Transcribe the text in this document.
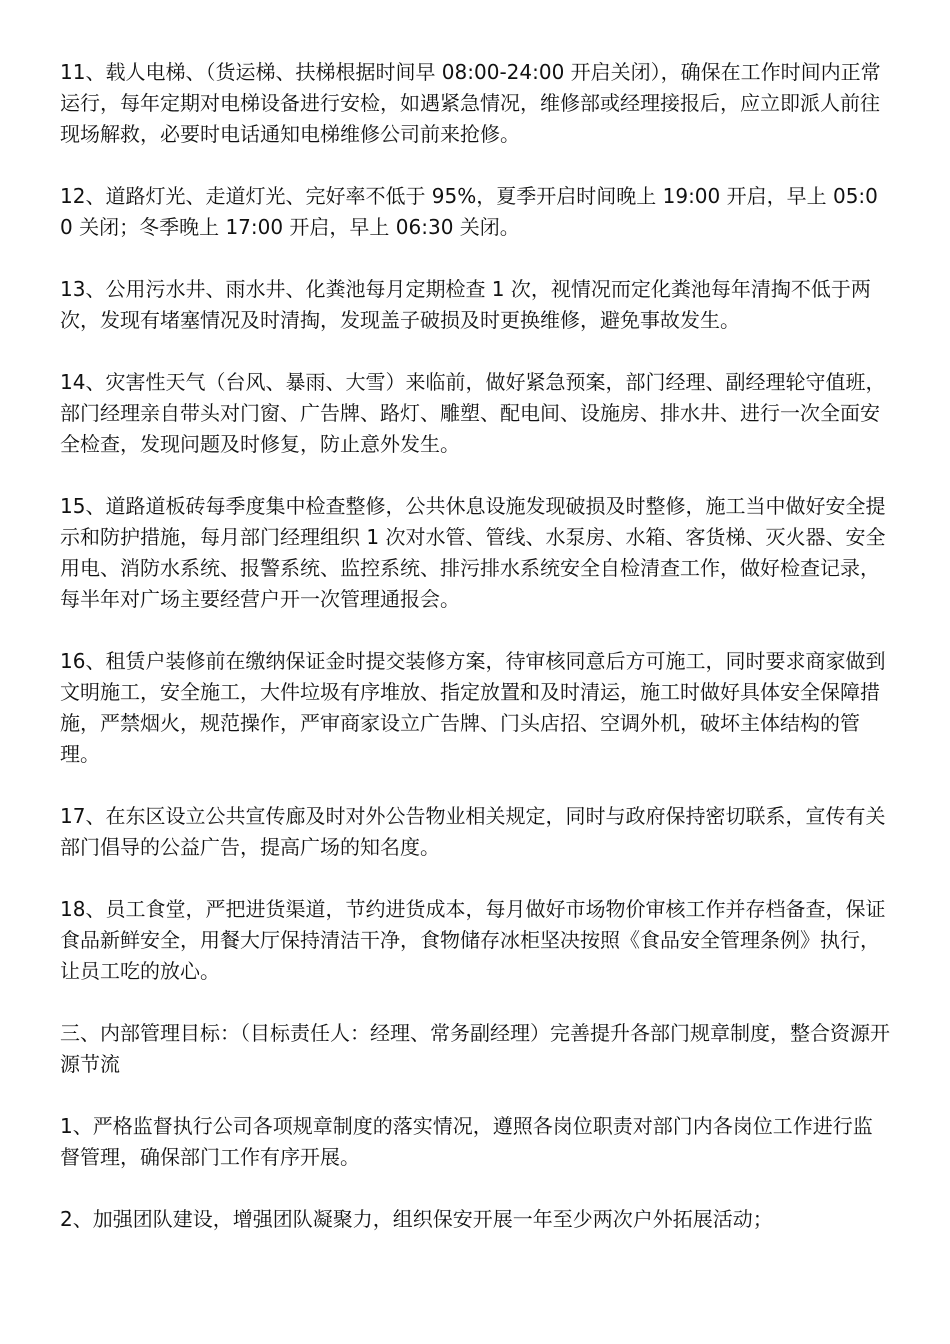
11、载人电梯、（货运梯、扶梯根据时间早 08:00-24:00 开启关闭），确保在工作时间内正常运行，每年定期对电梯设备进行安检，如遇紧急情况，维修部或经理接报后，应立即派人前往现场解救，必要时电话通知电梯维修公司前来抢修。

12、道路灯光、走道灯光、完好率不低于 95%，夏季开启时间晚上 19:00 开启，早上 05:00 关闭；冬季晚上 17:00 开启，早上 06:30 关闭。

13、公用污水井、雨水井、化粪池每月定期检查 1 次，视情况而定化粪池每年清掏不低于两次，发现有堵塞情况及时清掏，发现盖子破损及时更换维修，避免事故发生。

14、灾害性天气（台风、暴雨、大雪）来临前，做好紧急预案，部门经理、副经理轮守值班，部门经理亲自带头对门窗、广告牌、路灯、雕塑、配电间、设施房、排水井、进行一次全面安全检查，发现问题及时修复，防止意外发生。

15、道路道板砖每季度集中检查整修，公共休息设施发现破损及时整修，施工当中做好安全提示和防护措施，每月部门经理组织 1 次对水管、管线、水泵房、水箱、客货梯、灭火器、安全用电、消防水系统、报警系统、监控系统、排污排水系统安全自检清查工作，做好检查记录，每半年对广场主要经营户开一次管理通报会。

16、租赁户装修前在缴纳保证金时提交装修方案，待审核同意后方可施工，同时要求商家做到文明施工，安全施工，大件垃圾有序堆放、指定放置和及时清运，施工时做好具体安全保障措施，严禁烟火，规范操作，严审商家设立广告牌、门头店招、空调外机，破坏主体结构的管理。

17、在东区设立公共宣传廊及时对外公告物业相关规定，同时与政府保持密切联系，宣传有关部门倡导的公益广告，提高广场的知名度。

18、员工食堂，严把进货渠道，节约进货成本，每月做好市场物价审核工作并存档备查，保证食品新鲜安全，用餐大厅保持清洁干净，食物储存冰柜坚决按照《食品安全管理条例》执行，让员工吃的放心。

三、内部管理目标：（目标责任人：经理、常务副经理）完善提升各部门规章制度，整合资源开源节流

1、严格监督执行公司各项规章制度的落实情况，遵照各岗位职责对部门内各岗位工作进行监督管理，确保部门工作有序开展。

2、加强团队建设，增强团队凝聚力，组织保安开展一年至少两次户外拓展活动；
